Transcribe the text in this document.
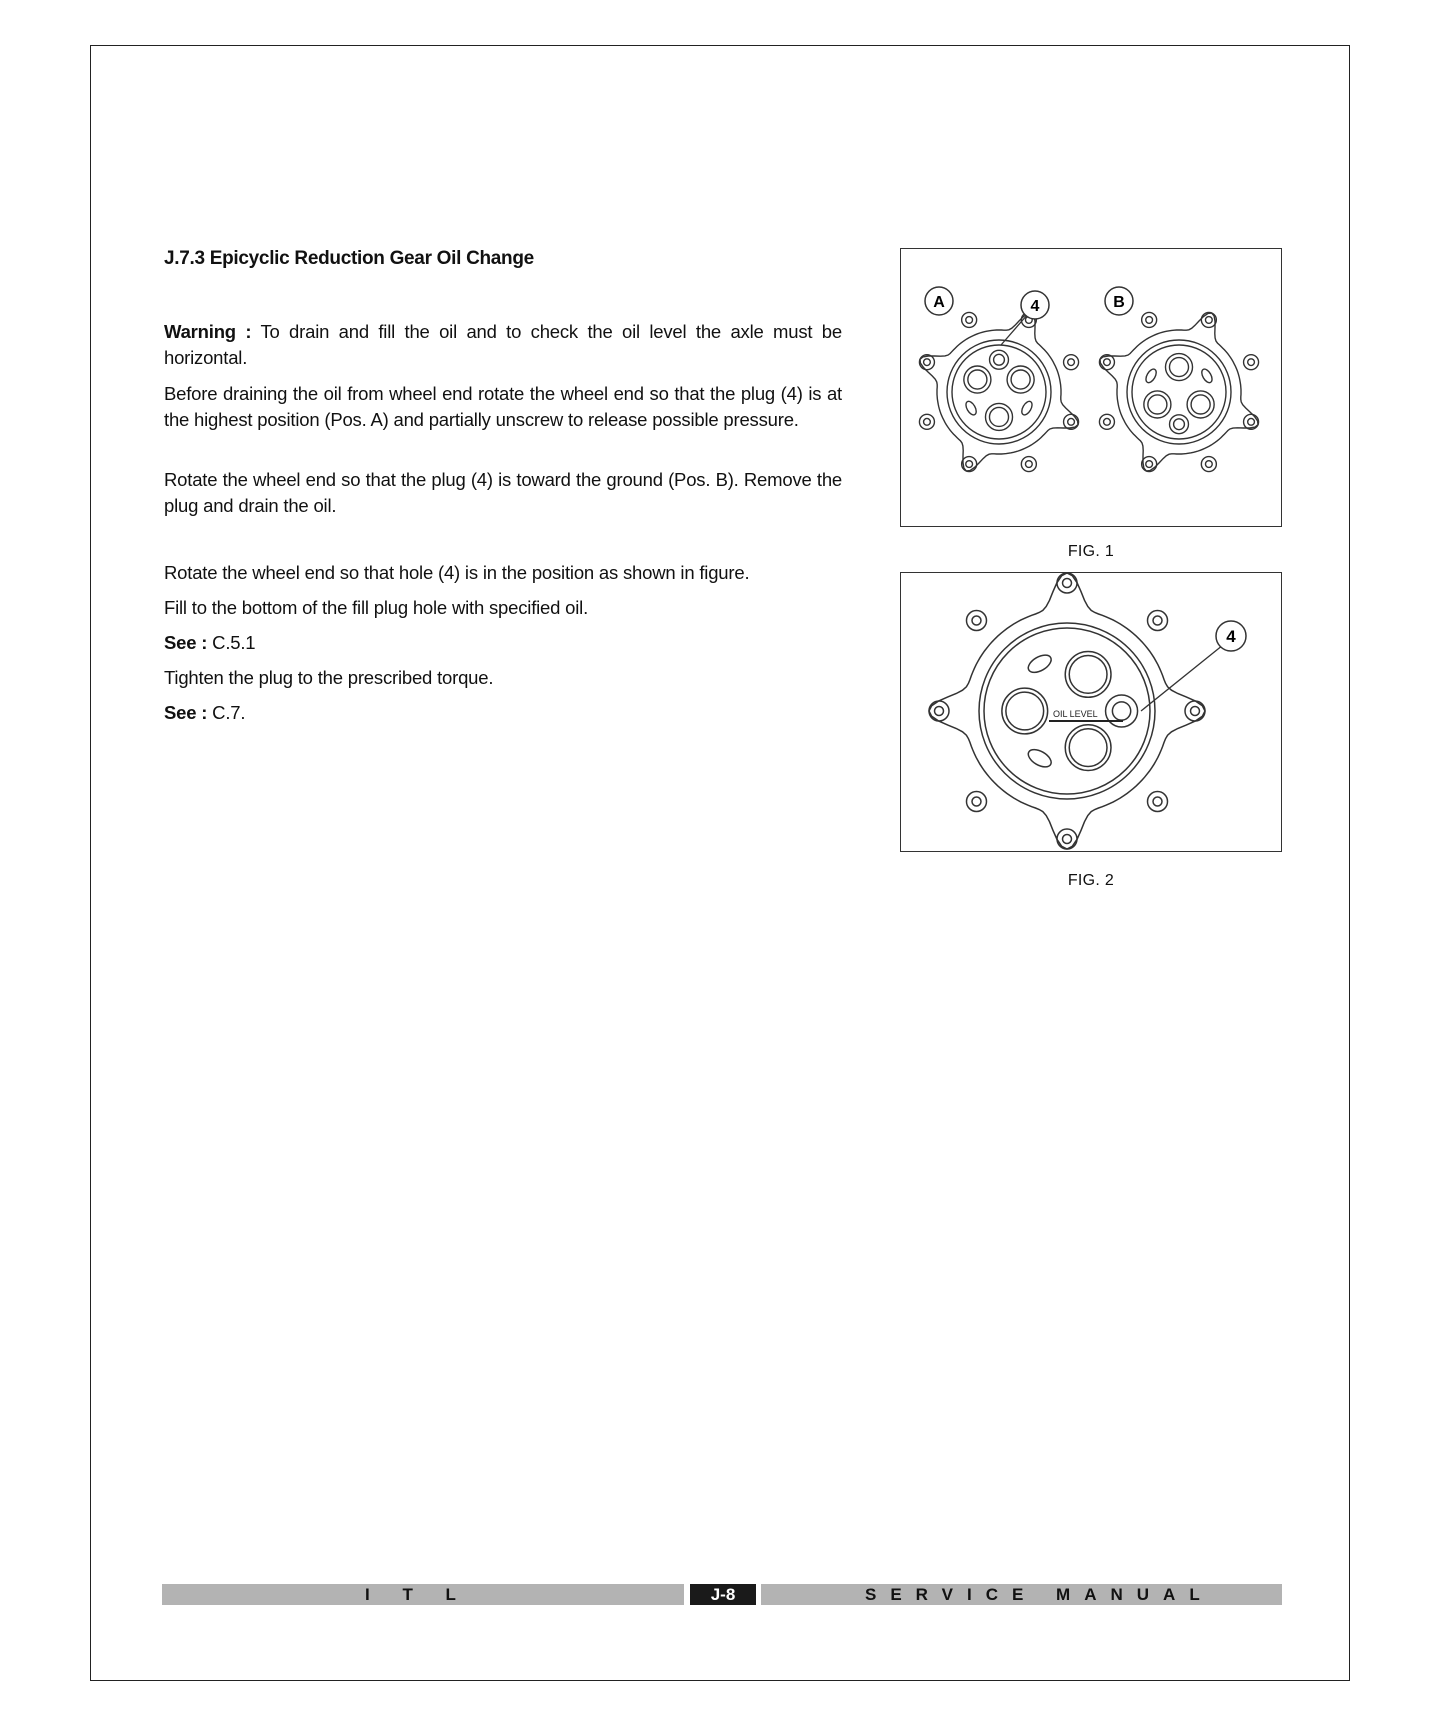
J.7.3 Epicyclic Reduction Gear Oil Change

Warning : To drain and fill the oil and to check the oil level the axle must be horizontal.

Before draining the oil from wheel end rotate the wheel end so that the plug (4) is at the highest position (Pos. A) and partially unscrew to release possible pressure.

Rotate the wheel end so that the plug (4) is toward the ground (Pos. B). Remove the plug and drain the oil.

Rotate the wheel end so that hole (4) is in the position as shown in figure.
Fill to the bottom of the fill plug hole with specified oil.
See : C.5.1
Tighten the plug to the prescribed torque.
See : C.7.
A	4	B
FIG. 1
OIL LEVEL
4
FIG. 2
I T L	J-8	SERVICE MANUAL
